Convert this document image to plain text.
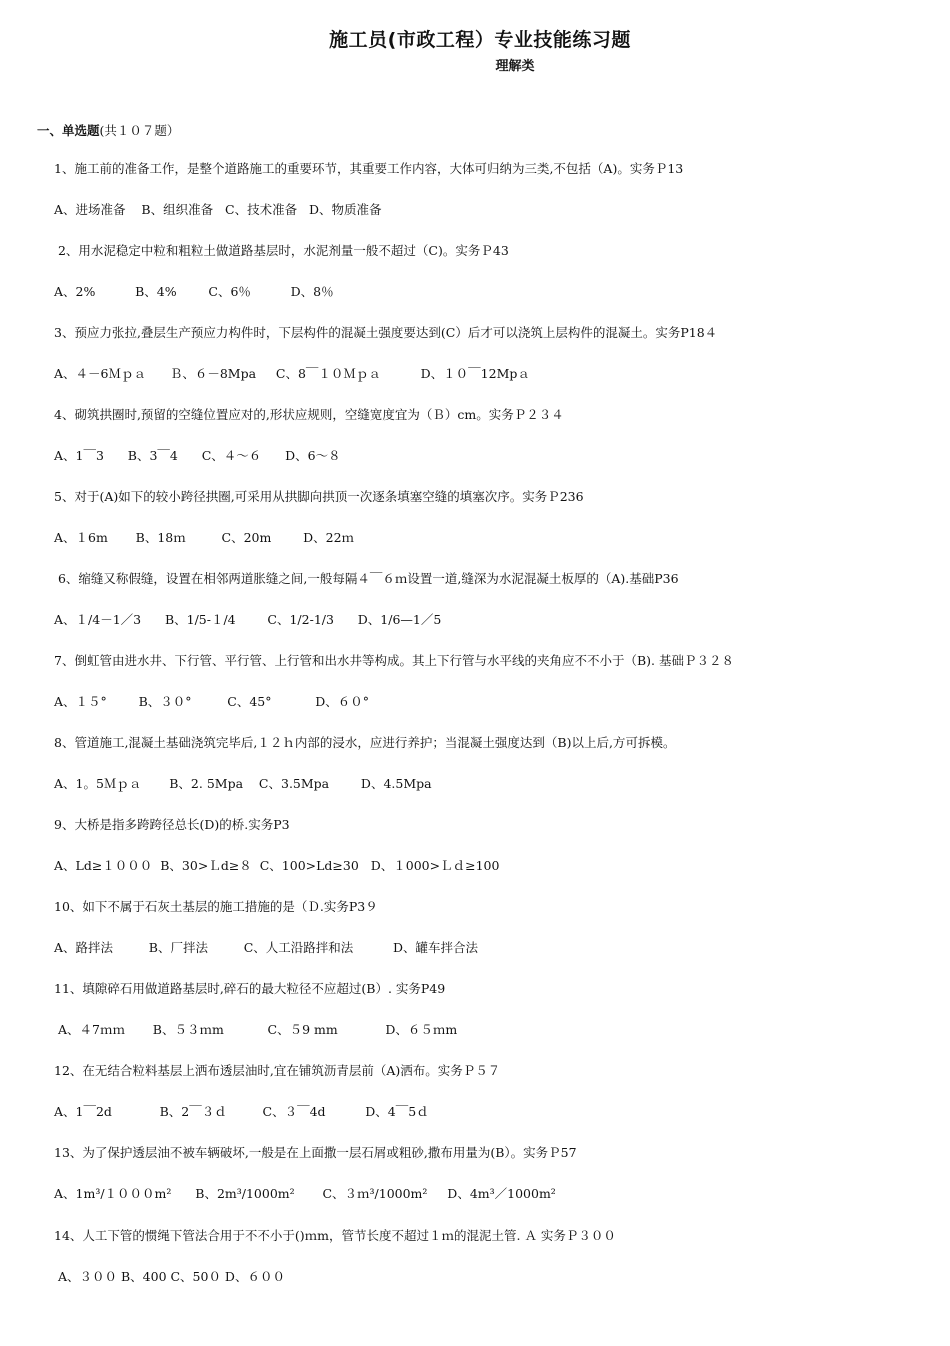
施工员(市政工程）专业技能练习题
理解类
一、单选题(共１０７题）
1、施工前的准备工作，是整个道路施工的重要环节，其重要工作内容，大体可归纳为三类,不包括（A)。实务Ｐ13
A、进场准备    B、组织准备   C、技术准备   D、物质准备
2、用水泥稳定中粒和粗粒土做道路基层时，水泥剂量一般不超过（C)。实务Ｐ43
A、2%          B、4%        C、6％          D、8％
3、预应力张拉,叠层生产预应力构件时，下层构件的混凝土强度要达到(C）后才可以浇筑上层构件的混凝土。实务P18４
A、４－6Ｍｐａ      Ｂ、６－8Mpa     C、8￣１０Ｍｐａ          D、１０￣12Mpａ
4、砌筑拱圈时,预留的空缝位置应对的,形状应规则，空缝宽度宜为（Ｂ）cm。实务Ｐ２３４
A、1￣3      B、3￣4      C、４～６      D、6～８
5、对于(A)如下的较小跨径拱圈,可采用从拱脚向拱顶一次逐条填塞空缝的填塞次序。实务Ｐ236
A、１6m       B、18ｍ         C、20m        D、22ｍ
6、缩缝又称假缝，设置在相邻两道胀缝之间,一般每隔４￣６ｍ设置一道,缝深为水泥混凝土板厚的（A).基础P36
A、１/4－1／3      B、1/5-１/4        C、1/2-1/3      D、1/6—1／5
7、倒虹管由进水井、下行管、平行管、上行管和出水井等构成。其上下行管与水平线的夹角应不不小于（B). 基础Ｐ３２８
A、１５°        B、３０°         C、45°           D、６０°
8、管道施工,混凝土基础浇筑完毕后,１２ｈ内部的浸水，应进行养护；当混凝土强度达到（B)以上后,方可拆模。
A、1。5Ｍｐａ       B、2. 5Mpa    C、3.5Mpa        D、4.5Mpa
9、大桥是指多跨跨径总长(D)的桥.实务P3
A、Ld≥１０００  B、30>Ｌd≥８  C、100>Ld≥30   D、１000>Ｌｄ≥100
10、如下不属于石灰土基层的施工措施的是（Ｄ.实务P3９
A、路拌法         B、厂拌法         C、人工沿路拌和法          D、罐车拌合法
11、填隙碎石用做道路基层时,碎石的最大粒径不应超过(B）. 实务P49
A、４7ｍｍ       B、５３ｍm           C、５9 mm            D、６５ｍm
12、在无结合粒料基层上洒布透层油时,宜在铺筑沥青层前（A)洒布。实务Ｐ５７
A、1￣2d            B、2￣３ｄ         C、３￣4d          D、4￣5ｄ
13、为了保护透层油不被车辆破坏,一般是在上面撒一层石屑或粗砂,撒布用量为(B）。实务Ｐ57
A、1m³/１０００m²      B、2m³/1000m²       C、３ｍ³/1000m²     D、4m³／1000m²
14、人工下管的惯绳下管法合用于不不小于()ｍm，管节长度不超过１ｍ的混泥土管. Ａ 实务Ｐ３００
A、３００ B、400 C、50０ D、６００
